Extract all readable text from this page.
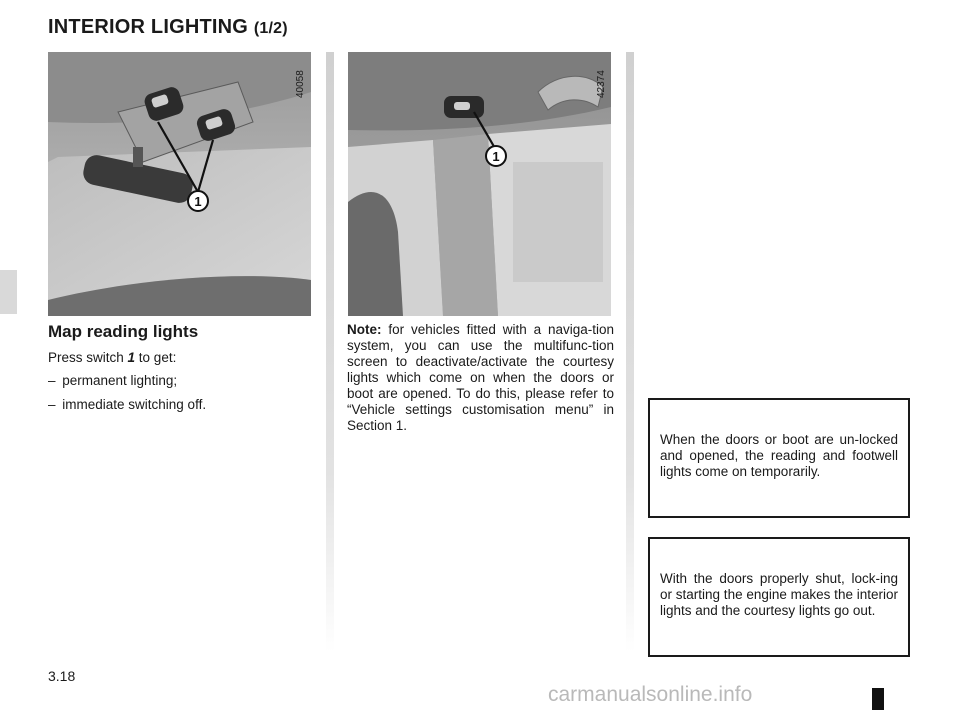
INTERIOR LIGHTING (1/2)
1
40058
1
42374
Map reading lights

Press switch 1 to get:

– permanent lighting;
– immediate switching off.
Note: for vehicles fitted with a naviga-tion system, you can use the multifunc-tion screen to deactivate/activate the courtesy lights which come on when the doors or boot are opened. To do this, please refer to “Vehicle settings customisation menu” in Section 1.
When the doors or boot are un-locked and opened, the reading and footwell lights come on temporarily.
With the doors properly shut, lock-ing or starting the engine makes the interior lights and the courtesy lights go out.
3.18
carmanualsonline.info
